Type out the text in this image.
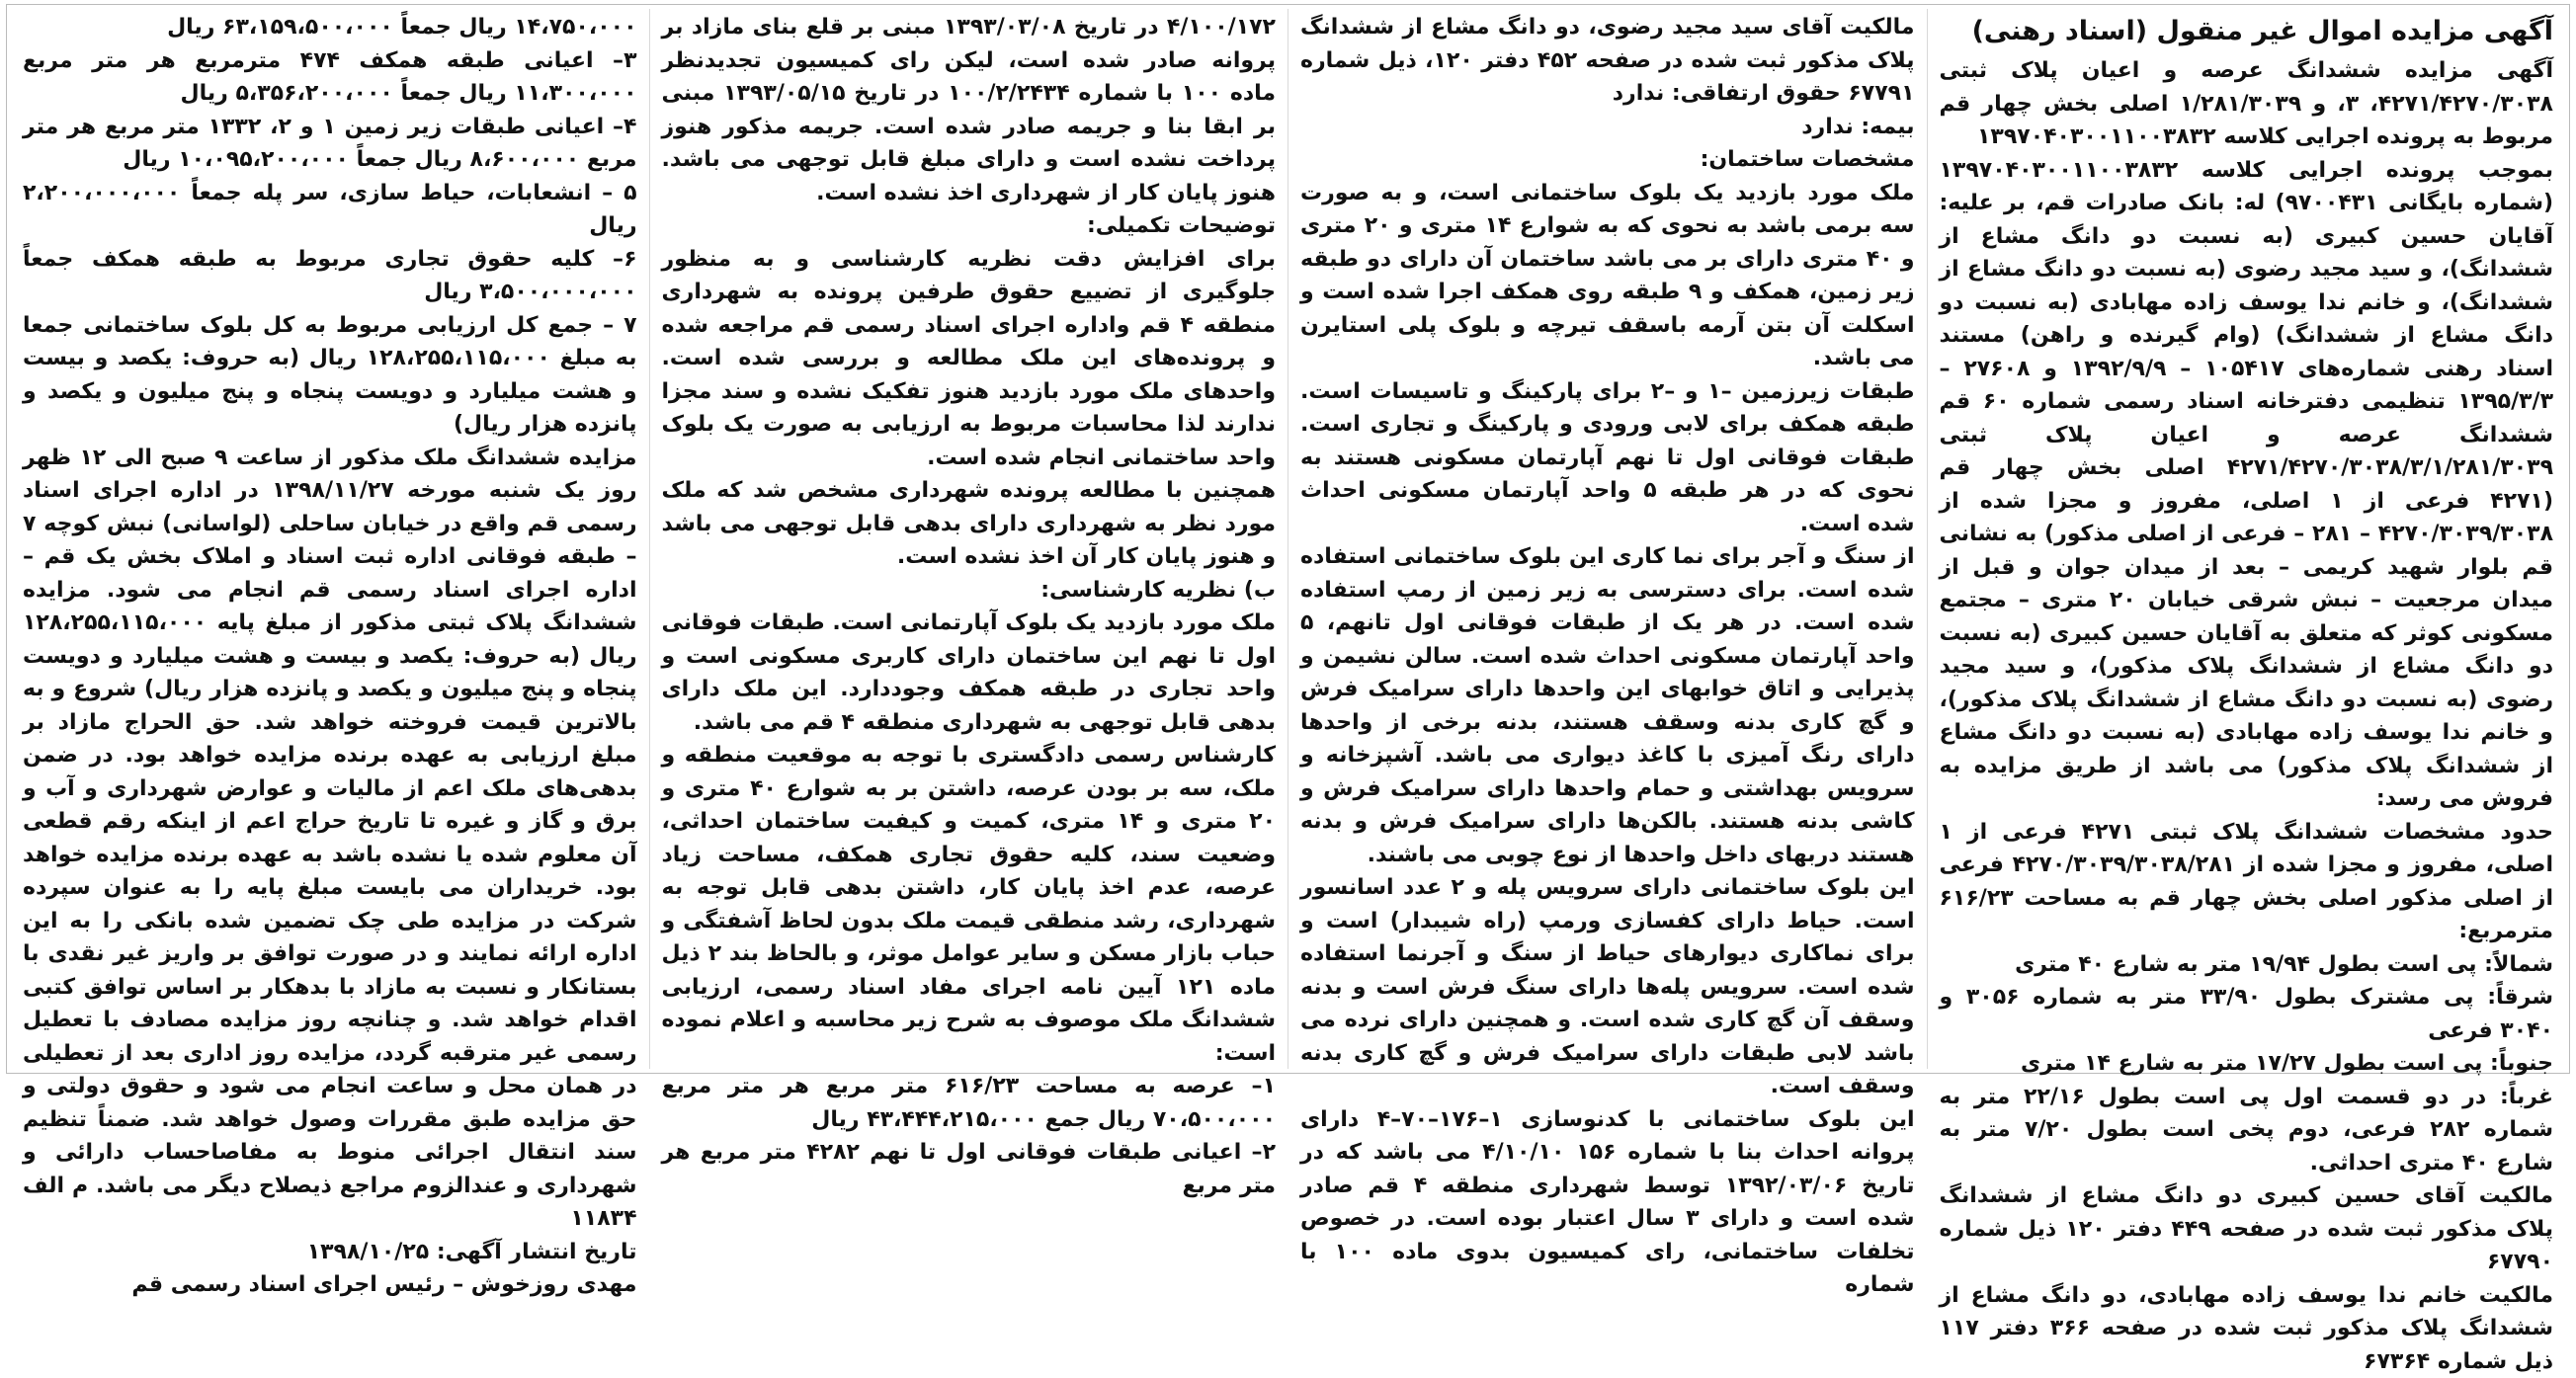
آگهی مزایده اموال غیر منقول (اسناد رهنی)

آگهی مزایده ششدانگ عرصه و اعیان پلاک ثبتی ۴۲۷۱/۴۲۷۰/۳۰۳۸، ۳، و ۱/۲۸۱/۳۰۳۹ اصلی بخش چهار قم مربوط به پرونده اجرایی کلاسه ۱۳۹۷۰۴۰۳۰۰۱۱۰۰۳۸۳۲
بموجب پرونده اجرایی کلاسه ۱۳۹۷۰۴۰۳۰۰۱۱۰۰۳۸۳۲ (شماره بایگانی ۹۷۰۰۴۳۱) له: بانک صادرات قم، بر علیه: آقایان حسین کبیری (به نسبت دو دانگ مشاع از ششدانگ)، و سید مجید رضوی (به نسبت دو دانگ مشاع از ششدانگ)، و خانم ندا یوسف زاده مهابادی (به نسبت دو دانگ مشاع از ششدانگ) (وام گیرنده و راهن) مستند اسناد رهنی شماره‌های ۱۰۵۴۱۷ – ۱۳۹۲/۹/۹ و ۲۷۶۰۸ – ۱۳۹۵/۳/۳ تنظیمی دفترخانه اسناد رسمی شماره ۶۰ قم ششدانگ عرصه و اعیان پلاک ثبتی ۴۲۷۱/۴۲۷۰/۳۰۳۸/۳/۱/۲۸۱/۳۰۳۹ اصلی بخش چهار قم (۴۲۷۱ فرعی از ۱ اصلی، مفروز و مجزا شده از ۴۲۷۰/۳۰۳۹/۳۰۳۸ – ۲۸۱ – فرعی از اصلی مذکور) به نشانی قم بلوار شهید کریمی – بعد از میدان جوان و قبل از میدان مرجعیت – نبش شرقی خیابان ۲۰ متری – مجتمع مسکونی کوثر که متعلق به آقایان حسین کبیری (به نسبت دو دانگ مشاع از ششدانگ پلاک مذکور)، و سید مجید رضوی (به نسبت دو دانگ مشاع از ششدانگ پلاک مذکور)، و خانم ندا یوسف زاده مهابادی (به نسبت دو دانگ مشاع از ششدانگ پلاک مذکور) می باشد از طریق مزایده به فروش می رسد:
حدود مشخصات ششدانگ پلاک ثبتی ۴۲۷۱ فرعی از ۱ اصلی، مفروز و مجزا شده از ۴۲۷۰/۳۰۳۹/۳۰۳۸/۲۸۱ فرعی از اصلی مذکور اصلی بخش چهار قم به مساحت ۶۱۶/۲۳ مترمربع:
شمالاً: پی است بطول ۱۹/۹۴ متر به شارع ۴۰ متری
شرقاً: پی مشترک بطول ۳۳/۹۰ متر به شماره ۳۰۵۶ و ۳۰۴۰ فرعی
جنوباً: پی است بطول ۱۷/۲۷ متر به شارع ۱۴ متری
غرباً: در دو قسمت اول پی است بطول ۲۲/۱۶ متر به شماره ۲۸۲ فرعی، دوم پخی است بطول ۷/۲۰ متر به شارع ۴۰ متری احداثی.
مالکیت آقای حسین کبیری دو دانگ مشاع از ششدانگ پلاک مذکور ثبت شده در صفحه ۴۴۹ دفتر ۱۲۰ ذیل شماره ۶۷۷۹۰
مالکیت خانم ندا یوسف زاده مهابادی، دو دانگ مشاع از ششدانگ پلاک مذکور ثبت شده در صفحه ۳۶۶ دفتر ۱۱۷ ذیل شماره ۶۷۳۶۴

مالکیت آقای سید مجید رضوی، دو دانگ مشاع از ششدانگ پلاک مذکور ثبت شده در صفحه ۴۵۲ دفتر ۱۲۰، ذیل شماره ۶۷۷۹۱ حقوق ارتفاقی: ندارد
بیمه: ندارد
مشخصات ساختمان:
ملک مورد بازدید یک بلوک ساختمانی است، و به صورت سه برمی باشد به نحوی که به شوارع ۱۴ متری و ۲۰ متری و ۴۰ متری دارای بر می باشد ساختمان آن دارای دو طبقه زیر زمین، همکف و ۹ طبقه روی همکف اجرا شده است و اسکلت آن بتن آرمه باسقف تیرچه و بلوک پلی استایرن می باشد.
طبقات زیرزمین –۱ و –۲ برای پارکینگ و تاسیسات است. طبقه همکف برای لابی ورودی و پارکینگ و تجاری است. طبقات فوقانی اول تا نهم آپارتمان مسکونی هستند به نحوی که در هر طبقه ۵ واحد آپارتمان مسکونی احداث شده است.
از سنگ و آجر برای نما کاری این بلوک ساختمانی استفاده شده است. برای دسترسی به زیر زمین از رمپ استفاده شده است. در هر یک از طبقات فوقانی اول تانهم، ۵ واحد آپارتمان مسکونی احداث شده است. سالن نشیمن و پذیرایی و اتاق خوابهای این واحدها دارای سرامیک فرش و گچ کاری بدنه وسقف هستند، بدنه برخی از واحدها دارای رنگ آمیزی با کاغذ دیواری می باشد. آشپزخانه و سرویس بهداشتی و حمام واحدها دارای سرامیک فرش و کاشی بدنه هستند. بالکن‌ها دارای سرامیک فرش و بدنه هستند دربهای داخل واحدها از نوع چوبی می باشند.
این بلوک ساختمانی دارای سرویس پله و ۲ عدد اسانسور است. حیاط دارای کفسازی ورمپ (راه شیبدار) است و برای نماکاری دیوارهای حیاط از سنگ و آجرنما استفاده شده است. سرویس پله‌ها دارای سنگ فرش است و بدنه وسقف آن گچ کاری شده است. و همچنین دارای نرده می باشد لابی طبقات دارای سرامیک فرش و گچ کاری بدنه وسقف است.
این بلوک ساختمانی با کدنوسازی ۱–۱۷۶–۷۰–۴ دارای پروانه احداث بنا با شماره ۱۵۶ ۴/۱۰/۱۰ می باشد که در تاریخ ۱۳۹۲/۰۳/۰۶ توسط شهرداری منطقه ۴ قم صادر شده است و دارای ۳ سال اعتبار بوده است. در خصوص تخلفات ساختمانی، رای کمیسیون بدوی ماده ۱۰۰ با شماره

۴/۱۰۰/۱۷۲ در تاریخ ۱۳۹۳/۰۳/۰۸ مبنی بر قلع بنای مازاد بر پروانه صادر شده است، لیکن رای کمیسیون تجدیدنظر ماده ۱۰۰ با شماره ۱۰۰/۲/۲۴۳۴ در تاریخ ۱۳۹۳/۰۵/۱۵ مبنی بر ابقا بنا و جریمه صادر شده است. جریمه مذکور هنوز پرداخت نشده است و دارای مبلغ قابل توجهی می باشد. هنوز پایان کار از شهرداری اخذ نشده است.
توضیحات تکمیلی:
برای افزایش دقت نظریه کارشناسی و به منظور جلوگیری از تضییع حقوق طرفین پرونده به شهرداری منطقه ۴ قم واداره اجرای اسناد رسمی قم مراجعه شده و پرونده‌های این ملک مطالعه و بررسی شده است. واحدهای ملک مورد بازدید هنوز تفکیک نشده و سند مجزا ندارند لذا محاسبات مربوط به ارزیابی به صورت یک بلوک واحد ساختمانی انجام شده است.
همچنین با مطالعه پرونده شهرداری مشخص شد که ملک مورد نظر به شهرداری دارای بدهی قابل توجهی می باشد و هنوز پایان کار آن اخذ نشده است.
ب) نظریه کارشناسی:
ملک مورد بازدید یک بلوک آپارتمانی است. طبقات فوقانی اول تا نهم این ساختمان دارای کاربری مسکونی است و واحد تجاری در طبقه همکف وجوددارد. این ملک دارای بدهی قابل توجهی به شهرداری منطقه ۴ قم می باشد.
کارشناس رسمی دادگستری با توجه به موقعیت منطقه و ملک، سه بر بودن عرصه، داشتن بر به شوارع ۴۰ متری و ۲۰ متری و ۱۴ متری، کمیت و کیفیت ساختمان احداثی، وضعیت سند، کلیه حقوق تجاری همکف، مساحت زیاد عرصه، عدم اخذ پایان کار، داشتن بدهی قابل توجه به شهرداری، رشد منطقی قیمت ملک بدون لحاظ آشفتگی و حباب بازار مسکن و سایر عوامل موثر، و بالحاظ بند ۲ ذیل ماده ۱۲۱ آیین نامه اجرای مفاد اسناد رسمی، ارزیابی ششدانگ ملک موصوف به شرح زیر محاسبه و اعلام نموده است:
۱– عرصه به مساحت ۶۱۶/۲۳ متر مربع هر متر مربع ۷۰،۵۰۰،۰۰۰ ریال جمع ۴۳،۴۴۴،۲۱۵،۰۰۰ ریال
۲– اعیانی طبقات فوقانی اول تا نهم ۴۲۸۲ متر مربع هر متر مربع

۱۴،۷۵۰،۰۰۰ ریال جمعاً ۶۳،۱۵۹،۵۰۰،۰۰۰ ریال
۳– اعیانی طبقه همکف ۴۷۴ مترمربع هر متر مربع ۱۱،۳۰۰،۰۰۰ ریال جمعاً ۵،۳۵۶،۲۰۰،۰۰۰ ریال
۴– اعیانی طبقات زیر زمین ۱ و ۲، ۱۳۳۲ متر مربع هر متر مربع ۸،۶۰۰،۰۰۰ ریال جمعاً ۱۰،۰۹۵،۲۰۰،۰۰۰ ریال
۵ – انشعابات، حیاط سازی، سر پله جمعاً ۲،۲۰۰،۰۰۰،۰۰۰ ریال
۶– کلیه حقوق تجاری مربوط به طبقه همکف جمعاً ۳،۵۰۰،۰۰۰،۰۰۰ ریال
۷ – جمع کل ارزیابی مربوط به کل بلوک ساختمانی جمعا به مبلغ ۱۲۸،۲۵۵،۱۱۵،۰۰۰ ریال (به حروف: یکصد و بیست و هشت میلیارد و دویست پنجاه و پنج میلیون و یکصد و پانزده هزار ریال)
مزایده ششدانگ ملک مذکور از ساعت ۹ صبح الی ۱۲ ظهر روز یک شنبه مورخه ۱۳۹۸/۱۱/۲۷ در اداره اجرای اسناد رسمی قم واقع در خیابان ساحلی (لواسانی) نبش کوچه ۷ – طبقه فوقانی اداره ثبت اسناد و املاک بخش یک قم – اداره اجرای اسناد رسمی قم انجام می شود. مزایده ششدانگ پلاک ثبتی مذکور از مبلغ پایه ۱۲۸،۲۵۵،۱۱۵،۰۰۰ ریال (به حروف: یکصد و بیست و هشت میلیارد و دویست پنجاه و پنج میلیون و یکصد و پانزده هزار ریال) شروع و به بالاترین قیمت فروخته خواهد شد. حق الحراج مازاد بر مبلغ ارزیابی به عهده برنده مزایده خواهد بود. در ضمن بدهی‌های ملک اعم از مالیات و عوارض شهرداری و آب و برق و گاز و غیره تا تاریخ حراج اعم از اینکه رقم قطعی آن معلوم شده یا نشده باشد به عهده برنده مزایده خواهد بود. خریداران می بایست مبلغ پایه را به عنوان سپرده شرکت در مزایده طی چک تضمین شده بانکی را به این اداره ارائه نمایند و در صورت توافق بر واریز غیر نقدی با بستانکار و نسبت به مازاد با بدهکار بر اساس توافق کتبی اقدام خواهد شد. و چنانچه روز مزایده مصادف با تعطیل رسمی غیر مترقبه گردد، مزایده روز اداری بعد از تعطیلی در همان محل و ساعت انجام می شود و حقوق دولتی و حق مزایده طبق مقررات وصول خواهد شد. ضمناً تنظیم سند انتقال اجرائی منوط به مفاصاحساب دارائی و شهرداری و عندالزوم مراجع ذیصلاح دیگر می باشد. م الف ۱۱۸۳۴
تاریخ انتشار آگهی: ۱۳۹۸/۱۰/۲۵

مهدی روزخوش – رئیس اجرای اسناد رسمی قم
